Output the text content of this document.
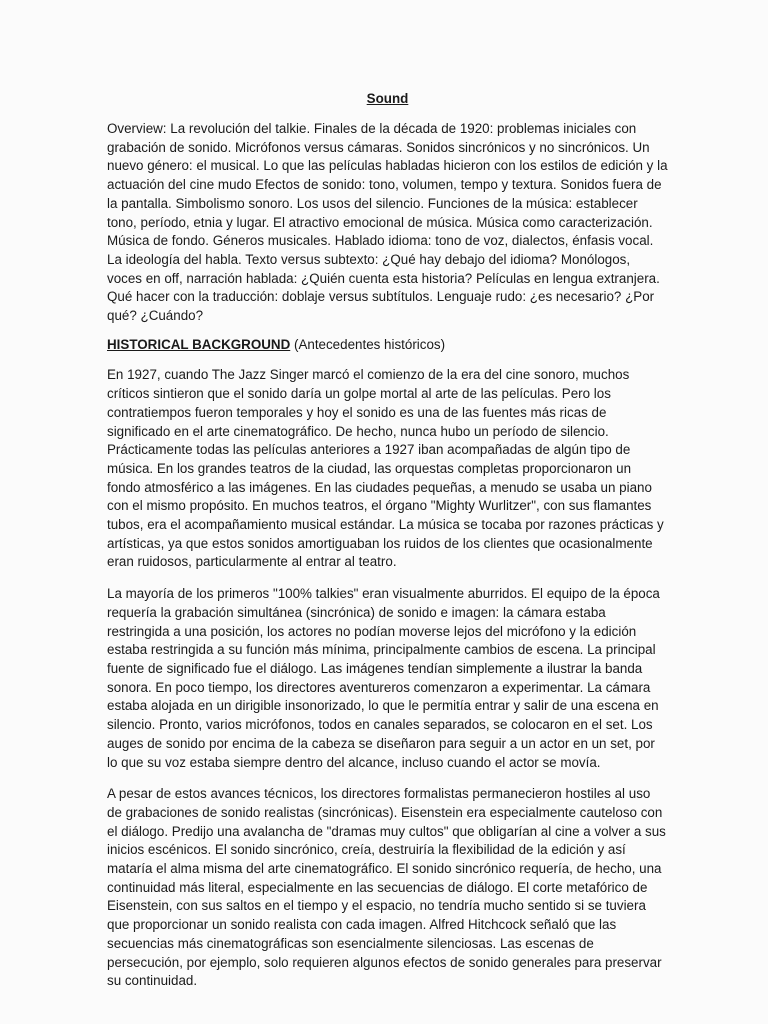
Sound

Overview: La revolución del talkie. Finales de la década de 1920: problemas iniciales con grabación de sonido. Micrófonos versus cámaras. Sonidos sincrónicos y no sincrónicos. Un nuevo género: el musical. Lo que las películas habladas hicieron con los estilos de edición y la actuación del cine mudo Efectos de sonido: tono, volumen, tempo y textura. Sonidos fuera de la pantalla. Simbolismo sonoro. Los usos del silencio. Funciones de la música: establecer tono, período, etnia y lugar. El atractivo emocional de música. Música como caracterización. Música de fondo. Géneros musicales. Hablado idioma: tono de voz, dialectos, énfasis vocal. La ideología del habla. Texto versus subtexto: ¿Qué hay debajo del idioma? Monólogos, voces en off, narración hablada: ¿Quién cuenta esta historia? Películas en lengua extranjera. Qué hacer con la traducción: doblaje versus subtítulos. Lenguaje rudo: ¿es necesario? ¿Por qué? ¿Cuándo?

HISTORICAL BACKGROUND (Antecedentes históricos)

En 1927, cuando The Jazz Singer marcó el comienzo de la era del cine sonoro, muchos críticos sintieron que el sonido daría un golpe mortal al arte de las películas. Pero los contratiempos fueron temporales y hoy el sonido es una de las fuentes más ricas de significado en el arte cinematográfico. De hecho, nunca hubo un período de silencio. Prácticamente todas las películas anteriores a 1927 iban acompañadas de algún tipo de música. En los grandes teatros de la ciudad, las orquestas completas proporcionaron un fondo atmosférico a las imágenes. En las ciudades pequeñas, a menudo se usaba un piano con el mismo propósito. En muchos teatros, el órgano "Mighty Wurlitzer", con sus flamantes tubos, era el acompañamiento musical estándar. La música se tocaba por razones prácticas y artísticas, ya que estos sonidos amortiguaban los ruidos de los clientes que ocasionalmente eran ruidosos, particularmente al entrar al teatro.

La mayoría de los primeros "100% talkies" eran visualmente aburridos. El equipo de la época requería la grabación simultánea (sincrónica) de sonido e imagen: la cámara estaba restringida a una posición, los actores no podían moverse lejos del micrófono y la edición estaba restringida a su función más mínima, principalmente cambios de escena. La principal fuente de significado fue el diálogo. Las imágenes tendían simplemente a ilustrar la banda sonora. En poco tiempo, los directores aventureros comenzaron a experimentar. La cámara estaba alojada en un dirigible insonorizado, lo que le permitía entrar y salir de una escena en silencio. Pronto, varios micrófonos, todos en canales separados, se colocaron en el set. Los auges de sonido por encima de la cabeza se diseñaron para seguir a un actor en un set, por lo que su voz estaba siempre dentro del alcance, incluso cuando el actor se movía.

A pesar de estos avances técnicos, los directores formalistas permanecieron hostiles al uso de grabaciones de sonido realistas (sincrónicas). Eisenstein era especialmente cauteloso con el diálogo. Predijo una avalancha de "dramas muy cultos" que obligarían al cine a volver a sus inicios escénicos. El sonido sincrónico, creía, destruiría la flexibilidad de la edición y así mataría el alma misma del arte cinematográfico. El sonido sincrónico requería, de hecho, una continuidad más literal, especialmente en las secuencias de diálogo. El corte metafórico de Eisenstein, con sus saltos en el tiempo y el espacio, no tendría mucho sentido si se tuviera que proporcionar un sonido realista con cada imagen. Alfred Hitchcock señaló que las secuencias más cinematográficas son esencialmente silenciosas. Las escenas de persecución, por ejemplo, solo requieren algunos efectos de sonido generales para preservar su continuidad.
